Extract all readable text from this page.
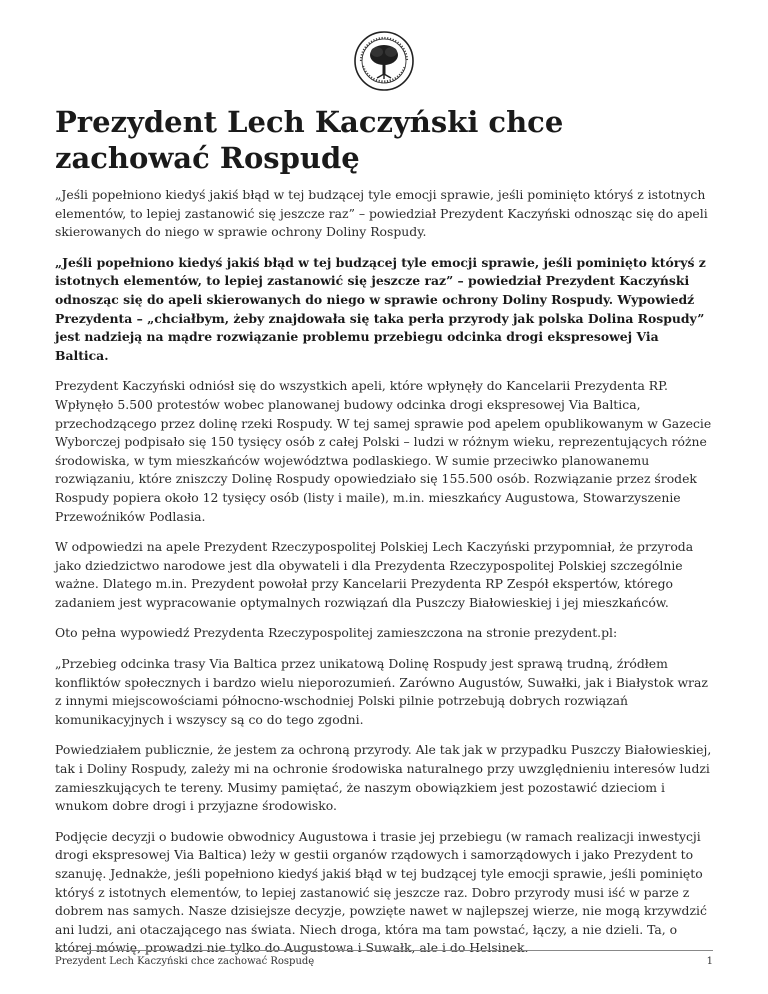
Prezydent Lech Kaczyński chce zachować Rospudę

„Jeśli popełniono kiedyś jakiś błąd w tej budzącej tyle emocji sprawie, jeśli pominięto któryś z istotnych elementów, to lepiej zastanowić się jeszcze raz” – powiedział Prezydent Kaczyński odnosząc się do apeli skierowanych do niego w sprawie ochrony Doliny Rospudy.

„Jeśli popełniono kiedyś jakiś błąd w tej budzącej tyle emocji sprawie, jeśli pominięto któryś z istotnych elementów, to lepiej zastanowić się jeszcze raz” – powiedział Prezydent Kaczyński odnosząc się do apeli skierowanych do niego w sprawie ochrony Doliny Rospudy. Wypowiedź Prezydenta – „chciałbym, żeby znajdowała się taka perła przyrody jak polska Dolina Rospudy” jest nadzieją na mądre rozwiązanie problemu przebiegu odcinka drogi ekspresowej Via Baltica.

Prezydent Kaczyński odniósł się do wszystkich apeli, które wpłynęły do Kancelarii Prezydenta RP. Wpłynęło 5.500 protestów wobec planowanej budowy odcinka drogi ekspresowej Via Baltica, przechodzącego przez dolinę rzeki Rospudy. W tej samej sprawie pod apelem opublikowanym w Gazecie Wyborczej podpisało się 150 tysięcy osób z całej Polski – ludzi w różnym wieku, reprezentujących różne środowiska, w tym mieszkańców województwa podlaskiego. W sumie przeciwko planowanemu rozwiązaniu, które zniszczy Dolinę Rospudy opowiedziało się 155.500 osób. Rozwiązanie przez środek Rospudy popiera około 12 tysięcy osób (listy i maile), m.in. mieszkańcy Augustowa, Stowarzyszenie Przewoźników Podlasia.

W odpowiedzi na apele Prezydent Rzeczypospolitej Polskiej Lech Kaczyński przypomniał, że przyroda jako dziedzictwo narodowe jest dla obywateli i dla Prezydenta Rzeczypospolitej Polskiej szczególnie ważne. Dlatego m.in. Prezydent powołał przy Kancelarii Prezydenta RP Zespół ekspertów, którego zadaniem jest wypracowanie optymalnych rozwiązań dla Puszczy Białowieskiej i jej mieszkańców.

Oto pełna wypowiedź Prezydenta Rzeczypospolitej zamieszczona na stronie prezydent.pl:

„Przebieg odcinka trasy Via Baltica przez unikatową Dolinę Rospudy jest sprawą trudną, źródłem konfliktów społecznych i bardzo wielu nieporozumień. Zarówno Augustów, Suwałki, jak i Białystok wraz z innymi miejscowościami północno-wschodniej Polski pilnie potrzebują dobrych rozwiązań komunikacyjnych i wszyscy są co do tego zgodni.

Powiedziałem publicznie, że jestem za ochroną przyrody. Ale tak jak w przypadku Puszczy Białowieskiej, tak i Doliny Rospudy, zależy mi na ochronie środowiska naturalnego przy uwzględnieniu interesów ludzi zamieszkujących te tereny. Musimy pamiętać, że naszym obowiązkiem jest pozostawić dzieciom i wnukom dobre drogi i przyjazne środowisko.

Podjęcie decyzji o budowie obwodnicy Augustowa i trasie jej przebiegu (w ramach realizacji inwestycji drogi ekspresowej Via Baltica) leży w gestii organów rządowych i samorządowych i jako Prezydent to szanuję. Jednakże, jeśli popełniono kiedyś jakiś błąd w tej budzącej tyle emocji sprawie, jeśli pominięto któryś z istotnych elementów, to lepiej zastanowić się jeszcze raz. Dobro przyrody musi iść w parze z dobrem nas samych. Nasze dzisiejsze decyzje, powzięte nawet w najlepszej wierze, nie mogą krzywdzić ani ludzi, ani otaczającego nas świata. Niech droga, która ma tam powstać, łączy, a nie dzieli. Ta, o której mówię, prowadzi nie tylko do Augustowa i Suwałk, ale i do Helsinek.

Prezydent Lech Kaczyński chce zachować Rospudę	1
